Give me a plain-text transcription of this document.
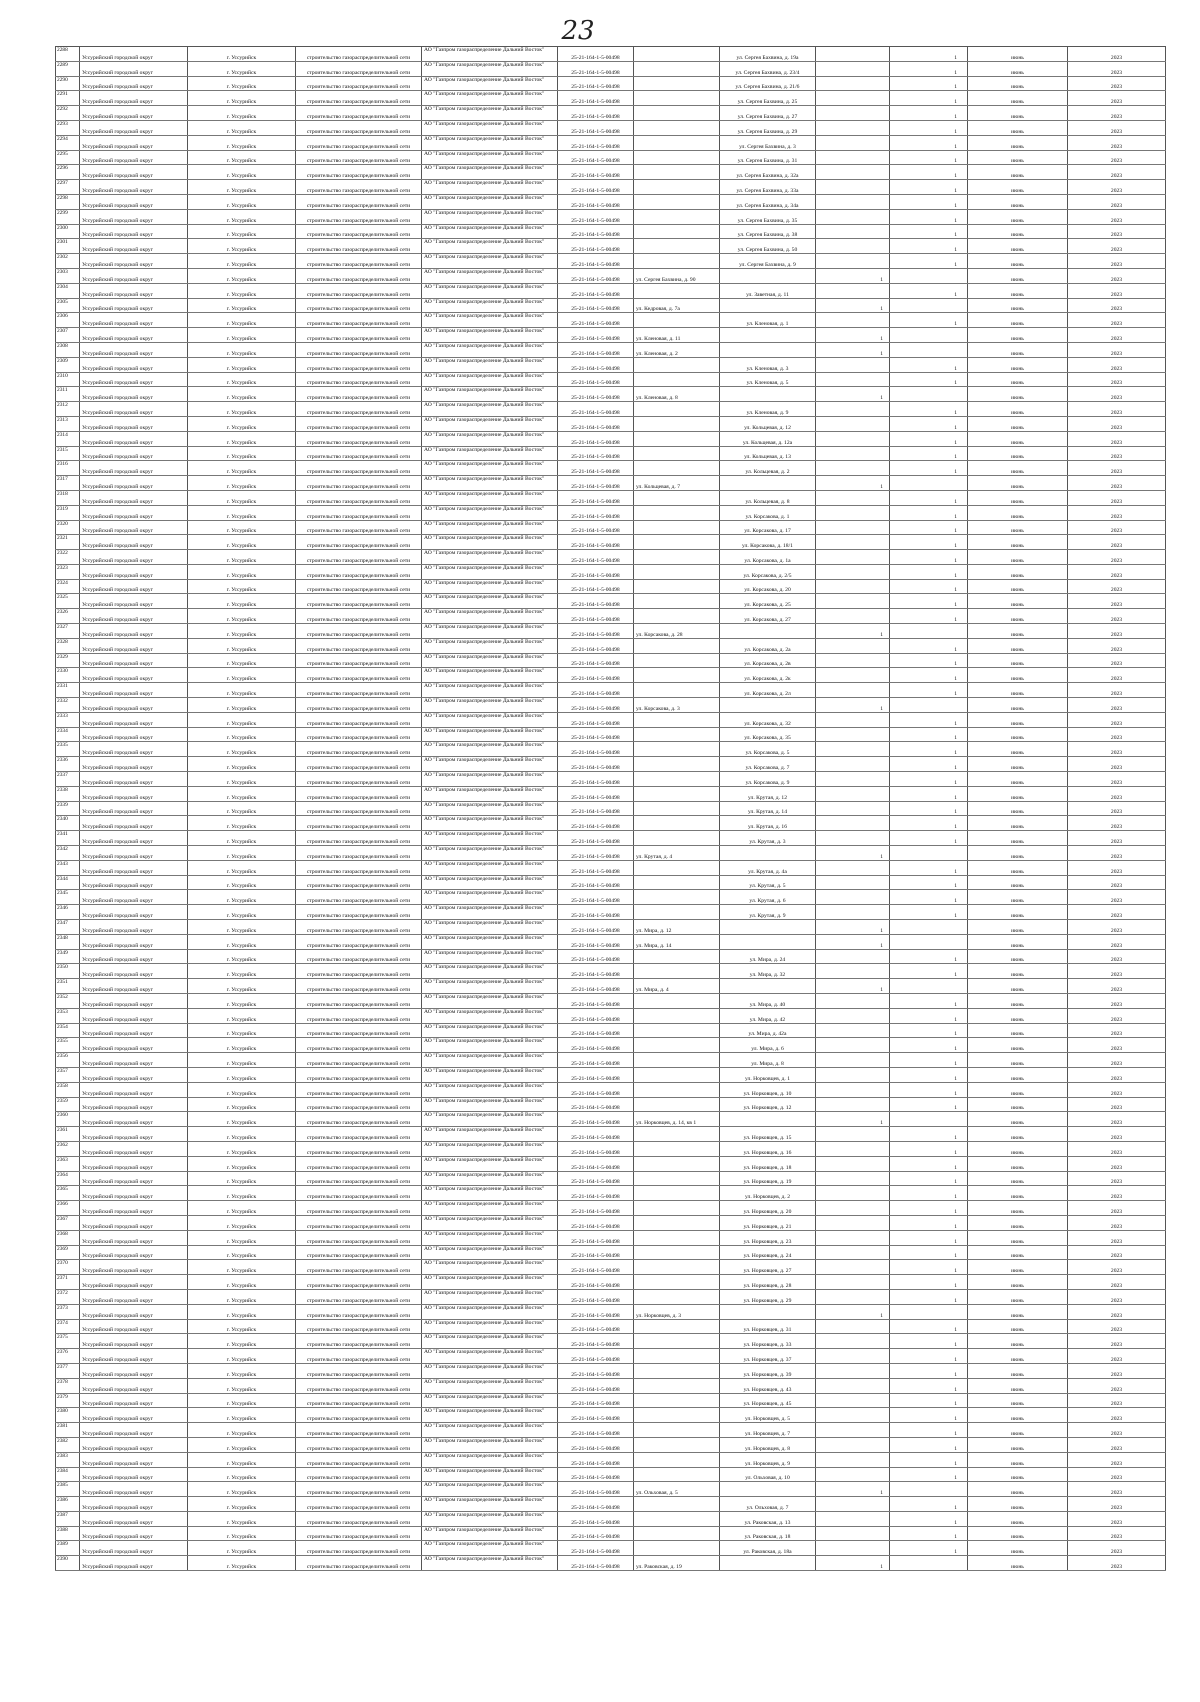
23
2288	Уссурийский городской округ	г. Уссурийск	строительство газораспределительной сети	АО "Газпром газораспределение Дальний Восток"	25-21-164-1-5-00498		ул. Сергея Бахвина, д. 19а		1	июнь	2023
2289	Уссурийский городской округ	г. Уссурийск	строительство газораспределительной сети	АО "Газпром газораспределение Дальний Восток"	25-21-164-1-5-00498		ул. Сергея Бахвина, д. 23/4		1	июнь	2023
2290	Уссурийский городской округ	г. Уссурийск	строительство газораспределительной сети	АО "Газпром газораспределение Дальний Восток"	25-21-164-1-5-00498		ул. Сергея Бахвина, д. 21/6		1	июнь	2023
2291	Уссурийский городской округ	г. Уссурийск	строительство газораспределительной сети	АО "Газпром газораспределение Дальний Восток"	25-21-164-1-5-00498		ул. Сергея Бахвина, д. 25		1	июнь	2023
2292	Уссурийский городской округ	г. Уссурийск	строительство газораспределительной сети	АО "Газпром газораспределение Дальний Восток"	25-21-164-1-5-00498		ул. Сергея Бахвина, д. 27		1	июнь	2023
2293	Уссурийский городской округ	г. Уссурийск	строительство газораспределительной сети	АО "Газпром газораспределение Дальний Восток"	25-21-164-1-5-00498		ул. Сергея Бахвина, д. 29		1	июнь	2023
2294	Уссурийский городской округ	г. Уссурийск	строительство газораспределительной сети	АО "Газпром газораспределение Дальний Восток"	25-21-164-1-5-00498		ул. Сергея Бахвина, д. 3		1	июнь	2023
2295	Уссурийский городской округ	г. Уссурийск	строительство газораспределительной сети	АО "Газпром газораспределение Дальний Восток"	25-21-164-1-5-00498		ул. Сергея Бахвина, д. 31		1	июнь	2023
2296	Уссурийский городской округ	г. Уссурийск	строительство газораспределительной сети	АО "Газпром газораспределение Дальний Восток"	25-21-164-1-5-00498		ул. Сергея Бахвина, д. 32а		1	июнь	2023
2297	Уссурийский городской округ	г. Уссурийск	строительство газораспределительной сети	АО "Газпром газораспределение Дальний Восток"	25-21-164-1-5-00498		ул. Сергея Бахвина, д. 33а		1	июнь	2023
2298	Уссурийский городской округ	г. Уссурийск	строительство газораспределительной сети	АО "Газпром газораспределение Дальний Восток"	25-21-164-1-5-00498		ул. Сергея Бахвина, д. 34а		1	июнь	2023
2299	Уссурийский городской округ	г. Уссурийск	строительство газораспределительной сети	АО "Газпром газораспределение Дальний Восток"	25-21-164-1-5-00498		ул. Сергея Бахвина, д. 35		1	июнь	2023
2300	Уссурийский городской округ	г. Уссурийск	строительство газораспределительной сети	АО "Газпром газораспределение Дальний Восток"	25-21-164-1-5-00498		ул. Сергея Бахвина, д. 38		1	июнь	2023
2301	Уссурийский городской округ	г. Уссурийск	строительство газораспределительной сети	АО "Газпром газораспределение Дальний Восток"	25-21-164-1-5-00498		ул. Сергея Бахвина, д. 50		1	июнь	2023
2302	Уссурийский городской округ	г. Уссурийск	строительство газораспределительной сети	АО "Газпром газораспределение Дальний Восток"	25-21-164-1-5-00498		ул. Сергея Бахвина, д. 9		1	июнь	2023
2303	Уссурийский городской округ	г. Уссурийск	строительство газораспределительной сети	АО "Газпром газораспределение Дальний Восток"	25-21-164-1-5-00498	ул. Сергея Бахвина, д. 90		1		июнь	2023
2304	Уссурийский городской округ	г. Уссурийск	строительство газораспределительной сети	АО "Газпром газораспределение Дальний Восток"	25-21-164-1-5-00498		ул. Заветная, д. 11		1	июнь	2023
2305	Уссурийский городской округ	г. Уссурийск	строительство газораспределительной сети	АО "Газпром газораспределение Дальний Восток"	25-21-164-1-5-00498	ул. Кедровая, д. 7а		1		июнь	2023
2306	Уссурийский городской округ	г. Уссурийск	строительство газораспределительной сети	АО "Газпром газораспределение Дальний Восток"	25-21-164-1-5-00498		ул. Кленовая, д. 1		1	июнь	2023
2307	Уссурийский городской округ	г. Уссурийск	строительство газораспределительной сети	АО "Газпром газораспределение Дальний Восток"	25-21-164-1-5-00498	ул. Кленовая, д. 11		1		июнь	2023
2308	Уссурийский городской округ	г. Уссурийск	строительство газораспределительной сети	АО "Газпром газораспределение Дальний Восток"	25-21-164-1-5-00498	ул. Кленовая, д. 2		1		июнь	2023
2309	Уссурийский городской округ	г. Уссурийск	строительство газораспределительной сети	АО "Газпром газораспределение Дальний Восток"	25-21-164-1-5-00498		ул. Кленовая, д. 3		1	июнь	2023
2310	Уссурийский городской округ	г. Уссурийск	строительство газораспределительной сети	АО "Газпром газораспределение Дальний Восток"	25-21-164-1-5-00498		ул. Кленовая, д. 5		1	июнь	2023
2311	Уссурийский городской округ	г. Уссурийск	строительство газораспределительной сети	АО "Газпром газораспределение Дальний Восток"	25-21-164-1-5-00498	ул. Кленовая, д. 8		1		июнь	2023
2312	Уссурийский городской округ	г. Уссурийск	строительство газораспределительной сети	АО "Газпром газораспределение Дальний Восток"	25-21-164-1-5-00498		ул. Кленовая, д. 9		1	июнь	2023
2313	Уссурийский городской округ	г. Уссурийск	строительство газораспределительной сети	АО "Газпром газораспределение Дальний Восток"	25-21-164-1-5-00498		ул. Кольцевая, д. 12		1	июнь	2023
2314	Уссурийский городской округ	г. Уссурийск	строительство газораспределительной сети	АО "Газпром газораспределение Дальний Восток"	25-21-164-1-5-00498		ул. Кольцевая, д. 12а		1	июнь	2023
2315	Уссурийский городской округ	г. Уссурийск	строительство газораспределительной сети	АО "Газпром газораспределение Дальний Восток"	25-21-164-1-5-00498		ул. Кольцевая, д. 13		1	июнь	2023
2316	Уссурийский городской округ	г. Уссурийск	строительство газораспределительной сети	АО "Газпром газораспределение Дальний Восток"	25-21-164-1-5-00498		ул. Кольцевая, д. 2		1	июнь	2023
2317	Уссурийский городской округ	г. Уссурийск	строительство газораспределительной сети	АО "Газпром газораспределение Дальний Восток"	25-21-164-1-5-00498	ул. Кольцевая, д. 7		1		июнь	2023
2318	Уссурийский городской округ	г. Уссурийск	строительство газораспределительной сети	АО "Газпром газораспределение Дальний Восток"	25-21-164-1-5-00498		ул. Кольцевая, д. 8		1	июнь	2023
2319	Уссурийский городской округ	г. Уссурийск	строительство газораспределительной сети	АО "Газпром газораспределение Дальний Восток"	25-21-164-1-5-00498		ул. Корсакова, д. 1		1	июнь	2023
2320	Уссурийский городской округ	г. Уссурийск	строительство газораспределительной сети	АО "Газпром газораспределение Дальний Восток"	25-21-164-1-5-00498		ул. Корсакова, д. 17		1	июнь	2023
2321	Уссурийский городской округ	г. Уссурийск	строительство газораспределительной сети	АО "Газпром газораспределение Дальний Восток"	25-21-164-1-5-00498		ул. Корсакова, д. 18/1		1	июнь	2023
2322	Уссурийский городской округ	г. Уссурийск	строительство газораспределительной сети	АО "Газпром газораспределение Дальний Восток"	25-21-164-1-5-00498		ул. Корсакова, д. 1а		1	июнь	2023
2323	Уссурийский городской округ	г. Уссурийск	строительство газораспределительной сети	АО "Газпром газораспределение Дальний Восток"	25-21-164-1-5-00498		ул. Корсакова, д. 2/5		1	июнь	2023
2324	Уссурийский городской округ	г. Уссурийск	строительство газораспределительной сети	АО "Газпром газораспределение Дальний Восток"	25-21-164-1-5-00498		ул. Корсакова, д. 20		1	июнь	2023
2325	Уссурийский городской округ	г. Уссурийск	строительство газораспределительной сети	АО "Газпром газораспределение Дальний Восток"	25-21-164-1-5-00498		ул. Корсакова, д. 25		1	июнь	2023
2326	Уссурийский городской округ	г. Уссурийск	строительство газораспределительной сети	АО "Газпром газораспределение Дальний Восток"	25-21-164-1-5-00498		ул. Корсакова, д. 27		1	июнь	2023
2327	Уссурийский городской округ	г. Уссурийск	строительство газораспределительной сети	АО "Газпром газораспределение Дальний Восток"	25-21-164-1-5-00498	ул. Корсакова, д. 28		1		июнь	2023
2328	Уссурийский городской округ	г. Уссурийск	строительство газораспределительной сети	АО "Газпром газораспределение Дальний Восток"	25-21-164-1-5-00498		ул. Корсакова, д. 2а		1	июнь	2023
2329	Уссурийский городской округ	г. Уссурийск	строительство газораспределительной сети	АО "Газпром газораспределение Дальний Восток"	25-21-164-1-5-00498		ул. Корсакова, д. 2в		1	июнь	2023
2330	Уссурийский городской округ	г. Уссурийск	строительство газораспределительной сети	АО "Газпром газораспределение Дальний Восток"	25-21-164-1-5-00498		ул. Корсакова, д. 2к		1	июнь	2023
2331	Уссурийский городской округ	г. Уссурийск	строительство газораспределительной сети	АО "Газпром газораспределение Дальний Восток"	25-21-164-1-5-00498		ул. Корсакова, д. 2л		1	июнь	2023
2332	Уссурийский городской округ	г. Уссурийск	строительство газораспределительной сети	АО "Газпром газораспределение Дальний Восток"	25-21-164-1-5-00498	ул. Корсакова, д. 3		1		июнь	2023
2333	Уссурийский городской округ	г. Уссурийск	строительство газораспределительной сети	АО "Газпром газораспределение Дальний Восток"	25-21-164-1-5-00498		ул. Корсакова, д. 32		1	июнь	2023
2334	Уссурийский городской округ	г. Уссурийск	строительство газораспределительной сети	АО "Газпром газораспределение Дальний Восток"	25-21-164-1-5-00498		ул. Корсакова, д. 35		1	июнь	2023
2335	Уссурийский городской округ	г. Уссурийск	строительство газораспределительной сети	АО "Газпром газораспределение Дальний Восток"	25-21-164-1-5-00498		ул. Корсакова, д. 5		1	июнь	2023
2336	Уссурийский городской округ	г. Уссурийск	строительство газораспределительной сети	АО "Газпром газораспределение Дальний Восток"	25-21-164-1-5-00498		ул. Корсакова, д. 7		1	июнь	2023
2337	Уссурийский городской округ	г. Уссурийск	строительство газораспределительной сети	АО "Газпром газораспределение Дальний Восток"	25-21-164-1-5-00498		ул. Корсакова, д. 9		1	июнь	2023
2338	Уссурийский городской округ	г. Уссурийск	строительство газораспределительной сети	АО "Газпром газораспределение Дальний Восток"	25-21-164-1-5-00498		ул. Крутая, д. 12		1	июнь	2023
2339	Уссурийский городской округ	г. Уссурийск	строительство газораспределительной сети	АО "Газпром газораспределение Дальний Восток"	25-21-164-1-5-00498		ул. Крутая, д. 14		1	июнь	2023
2340	Уссурийский городской округ	г. Уссурийск	строительство газораспределительной сети	АО "Газпром газораспределение Дальний Восток"	25-21-164-1-5-00498		ул. Крутая, д. 16		1	июнь	2023
2341	Уссурийский городской округ	г. Уссурийск	строительство газораспределительной сети	АО "Газпром газораспределение Дальний Восток"	25-21-164-1-5-00498		ул. Крутая, д. 3		1	июнь	2023
2342	Уссурийский городской округ	г. Уссурийск	строительство газораспределительной сети	АО "Газпром газораспределение Дальний Восток"	25-21-164-1-5-00498	ул. Крутая, д. 4		1		июнь	2023
2343	Уссурийский городской округ	г. Уссурийск	строительство газораспределительной сети	АО "Газпром газораспределение Дальний Восток"	25-21-164-1-5-00498		ул. Крутая, д. 4а		1	июнь	2023
2344	Уссурийский городской округ	г. Уссурийск	строительство газораспределительной сети	АО "Газпром газораспределение Дальний Восток"	25-21-164-1-5-00498		ул. Крутая, д. 5		1	июнь	2023
2345	Уссурийский городской округ	г. Уссурийск	строительство газораспределительной сети	АО "Газпром газораспределение Дальний Восток"	25-21-164-1-5-00498		ул. Крутая, д. 6		1	июнь	2023
2346	Уссурийский городской округ	г. Уссурийск	строительство газораспределительной сети	АО "Газпром газораспределение Дальний Восток"	25-21-164-1-5-00498		ул. Крутая, д. 9		1	июнь	2023
2347	Уссурийский городской округ	г. Уссурийск	строительство газораспределительной сети	АО "Газпром газораспределение Дальний Восток"	25-21-164-1-5-00498	ул. Мира, д. 12		1		июнь	2023
2348	Уссурийский городской округ	г. Уссурийск	строительство газораспределительной сети	АО "Газпром газораспределение Дальний Восток"	25-21-164-1-5-00498	ул. Мира, д. 14		1		июнь	2023
2349	Уссурийский городской округ	г. Уссурийск	строительство газораспределительной сети	АО "Газпром газораспределение Дальний Восток"	25-21-164-1-5-00498		ул. Мира, д. 24		1	июнь	2023
2350	Уссурийский городской округ	г. Уссурийск	строительство газораспределительной сети	АО "Газпром газораспределение Дальний Восток"	25-21-164-1-5-00498		ул. Мира, д. 32		1	июнь	2023
2351	Уссурийский городской округ	г. Уссурийск	строительство газораспределительной сети	АО "Газпром газораспределение Дальний Восток"	25-21-164-1-5-00498	ул. Мира, д. 4		1		июнь	2023
2352	Уссурийский городской округ	г. Уссурийск	строительство газораспределительной сети	АО "Газпром газораспределение Дальний Восток"	25-21-164-1-5-00498		ул. Мира, д. 40		1	июнь	2023
2353	Уссурийский городской округ	г. Уссурийск	строительство газораспределительной сети	АО "Газпром газораспределение Дальний Восток"	25-21-164-1-5-00498		ул. Мира, д. 42		1	июнь	2023
2354	Уссурийский городской округ	г. Уссурийск	строительство газораспределительной сети	АО "Газпром газораспределение Дальний Восток"	25-21-164-1-5-00498		ул. Мира, д. 42а		1	июнь	2023
2355	Уссурийский городской округ	г. Уссурийск	строительство газораспределительной сети	АО "Газпром газораспределение Дальний Восток"	25-21-164-1-5-00498		ул. Мира, д. 6		1	июнь	2023
2356	Уссурийский городской округ	г. Уссурийск	строительство газораспределительной сети	АО "Газпром газораспределение Дальний Восток"	25-21-164-1-5-00498		ул. Мира, д. 8		1	июнь	2023
2357	Уссурийский городской округ	г. Уссурийск	строительство газораспределительной сети	АО "Газпром газораспределение Дальний Восток"	25-21-164-1-5-00498		ул. Норковцев, д. 1		1	июнь	2023
2358	Уссурийский городской округ	г. Уссурийск	строительство газораспределительной сети	АО "Газпром газораспределение Дальний Восток"	25-21-164-1-5-00498		ул. Норковцев, д. 10		1	июнь	2023
2359	Уссурийский городской округ	г. Уссурийск	строительство газораспределительной сети	АО "Газпром газораспределение Дальний Восток"	25-21-164-1-5-00498		ул. Норковцев, д. 12		1	июнь	2023
2360	Уссурийский городской округ	г. Уссурийск	строительство газораспределительной сети	АО "Газпром газораспределение Дальний Восток"	25-21-164-1-5-00498	ул. Норковцев, д. 14, кв 1		1		июнь	2023
2361	Уссурийский городской округ	г. Уссурийск	строительство газораспределительной сети	АО "Газпром газораспределение Дальний Восток"	25-21-164-1-5-00498		ул. Норковцев, д. 15		1	июнь	2023
2362	Уссурийский городской округ	г. Уссурийск	строительство газораспределительной сети	АО "Газпром газораспределение Дальний Восток"	25-21-164-1-5-00498		ул. Норковцев, д. 16		1	июнь	2023
2363	Уссурийский городской округ	г. Уссурийск	строительство газораспределительной сети	АО "Газпром газораспределение Дальний Восток"	25-21-164-1-5-00498		ул. Норковцев, д. 18		1	июнь	2023
2364	Уссурийский городской округ	г. Уссурийск	строительство газораспределительной сети	АО "Газпром газораспределение Дальний Восток"	25-21-164-1-5-00498		ул. Норковцев, д. 19		1	июнь	2023
2365	Уссурийский городской округ	г. Уссурийск	строительство газораспределительной сети	АО "Газпром газораспределение Дальний Восток"	25-21-164-1-5-00498		ул. Норковцев, д. 2		1	июнь	2023
2366	Уссурийский городской округ	г. Уссурийск	строительство газораспределительной сети	АО "Газпром газораспределение Дальний Восток"	25-21-164-1-5-00498		ул. Норковцев, д. 20		1	июнь	2023
2367	Уссурийский городской округ	г. Уссурийск	строительство газораспределительной сети	АО "Газпром газораспределение Дальний Восток"	25-21-164-1-5-00498		ул. Норковцев, д. 21		1	июнь	2023
2368	Уссурийский городской округ	г. Уссурийск	строительство газораспределительной сети	АО "Газпром газораспределение Дальний Восток"	25-21-164-1-5-00498		ул. Норковцев, д. 23		1	июнь	2023
2369	Уссурийский городской округ	г. Уссурийск	строительство газораспределительной сети	АО "Газпром газораспределение Дальний Восток"	25-21-164-1-5-00498		ул. Норковцев, д. 24		1	июнь	2023
2370	Уссурийский городской округ	г. Уссурийск	строительство газораспределительной сети	АО "Газпром газораспределение Дальний Восток"	25-21-164-1-5-00498		ул. Норковцев, д. 27		1	июнь	2023
2371	Уссурийский городской округ	г. Уссурийск	строительство газораспределительной сети	АО "Газпром газораспределение Дальний Восток"	25-21-164-1-5-00498		ул. Норковцев, д. 28		1	июнь	2023
2372	Уссурийский городской округ	г. Уссурийск	строительство газораспределительной сети	АО "Газпром газораспределение Дальний Восток"	25-21-164-1-5-00498		ул. Норковцев, д. 29		1	июнь	2023
2373	Уссурийский городской округ	г. Уссурийск	строительство газораспределительной сети	АО "Газпром газораспределение Дальний Восток"	25-21-164-1-5-00498	ул. Норковцев, д. 3		1		июнь	2023
2374	Уссурийский городской округ	г. Уссурийск	строительство газораспределительной сети	АО "Газпром газораспределение Дальний Восток"	25-21-164-1-5-00498		ул. Норковцев, д. 31		1	июнь	2023
2375	Уссурийский городской округ	г. Уссурийск	строительство газораспределительной сети	АО "Газпром газораспределение Дальний Восток"	25-21-164-1-5-00498		ул. Норковцев, д. 33		1	июнь	2023
2376	Уссурийский городской округ	г. Уссурийск	строительство газораспределительной сети	АО "Газпром газораспределение Дальний Восток"	25-21-164-1-5-00498		ул. Норковцев, д. 37		1	июнь	2023
2377	Уссурийский городской округ	г. Уссурийск	строительство газораспределительной сети	АО "Газпром газораспределение Дальний Восток"	25-21-164-1-5-00498		ул. Норковцев, д. 39		1	июнь	2023
2378	Уссурийский городской округ	г. Уссурийск	строительство газораспределительной сети	АО "Газпром газораспределение Дальний Восток"	25-21-164-1-5-00498		ул. Норковцев, д. 43		1	июнь	2023
2379	Уссурийский городской округ	г. Уссурийск	строительство газораспределительной сети	АО "Газпром газораспределение Дальний Восток"	25-21-164-1-5-00498		ул. Норковцев, д. 45		1	июнь	2023
2380	Уссурийский городской округ	г. Уссурийск	строительство газораспределительной сети	АО "Газпром газораспределение Дальний Восток"	25-21-164-1-5-00498		ул. Норковцев, д. 5		1	июнь	2023
2381	Уссурийский городской округ	г. Уссурийск	строительство газораспределительной сети	АО "Газпром газораспределение Дальний Восток"	25-21-164-1-5-00498		ул. Норковцев, д. 7		1	июнь	2023
2382	Уссурийский городской округ	г. Уссурийск	строительство газораспределительной сети	АО "Газпром газораспределение Дальний Восток"	25-21-164-1-5-00498		ул. Норковцев, д. 8		1	июнь	2023
2383	Уссурийский городской округ	г. Уссурийск	строительство газораспределительной сети	АО "Газпром газораспределение Дальний Восток"	25-21-164-1-5-00498		ул. Норковцев, д. 9		1	июнь	2023
2384	Уссурийский городской округ	г. Уссурийск	строительство газораспределительной сети	АО "Газпром газораспределение Дальний Восток"	25-21-164-1-5-00498		ул. Ольховая, д. 10		1	июнь	2023
2385	Уссурийский городской округ	г. Уссурийск	строительство газораспределительной сети	АО "Газпром газораспределение Дальний Восток"	25-21-164-1-5-00498	ул. Ольховая, д. 5		1		июнь	2023
2386	Уссурийский городской округ	г. Уссурийск	строительство газораспределительной сети	АО "Газпром газораспределение Дальний Восток"	25-21-164-1-5-00498		ул. Ольховая, д. 7		1	июнь	2023
2387	Уссурийский городской округ	г. Уссурийск	строительство газораспределительной сети	АО "Газпром газораспределение Дальний Восток"	25-21-164-1-5-00498		ул. Раковская, д. 13		1	июнь	2023
2388	Уссурийский городской округ	г. Уссурийск	строительство газораспределительной сети	АО "Газпром газораспределение Дальний Восток"	25-21-164-1-5-00498		ул. Раковская, д. 18		1	июнь	2023
2389	Уссурийский городской округ	г. Уссурийск	строительство газораспределительной сети	АО "Газпром газораспределение Дальний Восток"	25-21-164-1-5-00498		ул. Раковская, д. 18а		1	июнь	2023
2390	Уссурийский городской округ	г. Уссурийск	строительство газораспределительной сети	АО "Газпром газораспределение Дальний Восток"	25-21-164-1-5-00498	ул. Раковская, д. 19		1		июнь	2023
